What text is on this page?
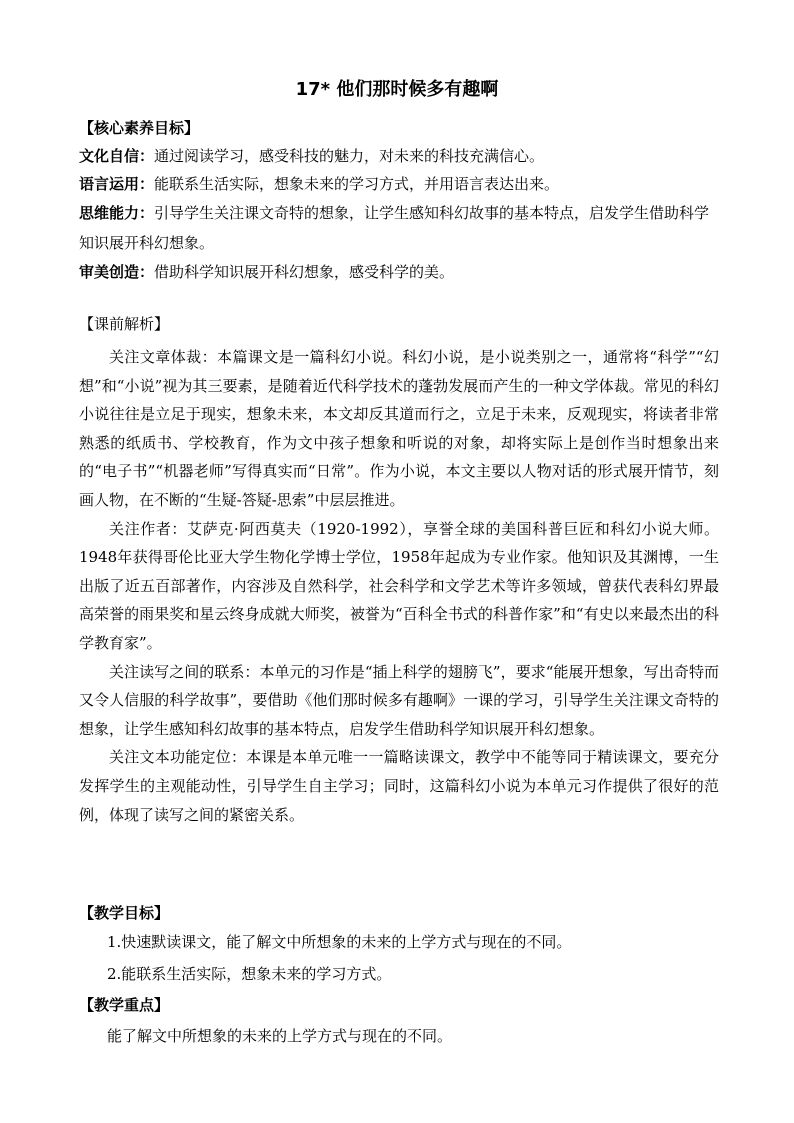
17* 他们那时候多有趣啊
【核心素养目标】
文化自信：通过阅读学习，感受科技的魅力，对未来的科技充满信心。
语言运用：能联系生活实际，想象未来的学习方式，并用语言表达出来。
思维能力：引导学生关注课文奇特的想象，让学生感知科幻故事的基本特点，启发学生借助科学知识展开科幻想象。
审美创造：借助科学知识展开科幻想象，感受科学的美。
【课前解析】
关注文章体裁：本篇课文是一篇科幻小说。科幻小说，是小说类别之一，通常将“科学”“幻想”和“小说”视为其三要素，是随着近代科学技术的蓬勃发展而产生的一种文学体裁。常见的科幻小说往往是立足于现实，想象未来，本文却反其道而行之，立足于未来，反观现实，将读者非常熟悉的纸质书、学校教育，作为文中孩子想象和听说的对象，却将实际上是创作当时想象出来的“电子书”“机器老师”写得真实而“日常”。作为小说，本文主要以人物对话的形式展开情节，刻画人物，在不断的“生疑-答疑-思索”中层层推进。
关注作者：艾萨克·阿西莫夫（1920-1992），享誉全球的美国科普巨匠和科幻小说大师。1948年获得哥伦比亚大学生物化学博士学位，1958年起成为专业作家。他知识及其渊博，一生出版了近五百部著作，内容涉及自然科学，社会科学和文学艺术等许多领域，曾获代表科幻界最高荣誉的雨果奖和星云终身成就大师奖，被誉为“百科全书式的科普作家”和“有史以来最杰出的科学教育家”。
关注读写之间的联系：本单元的习作是“插上科学的翅膀飞”，要求“能展开想象，写出奇特而又令人信服的科学故事”，要借助《他们那时候多有趣啊》一课的学习，引导学生关注课文奇特的想象，让学生感知科幻故事的基本特点，启发学生借助科学知识展开科幻想象。
关注文本功能定位：本课是本单元唯一一篇略读课文，教学中不能等同于精读课文，要充分发挥学生的主观能动性，引导学生自主学习；同时，这篇科幻小说为本单元习作提供了很好的范例，体现了读写之间的紧密关系。
【教学目标】
1.快速默读课文，能了解文中所想象的未来的上学方式与现在的不同。
2.能联系生活实际，想象未来的学习方式。
【教学重点】
能了解文中所想象的未来的上学方式与现在的不同。
